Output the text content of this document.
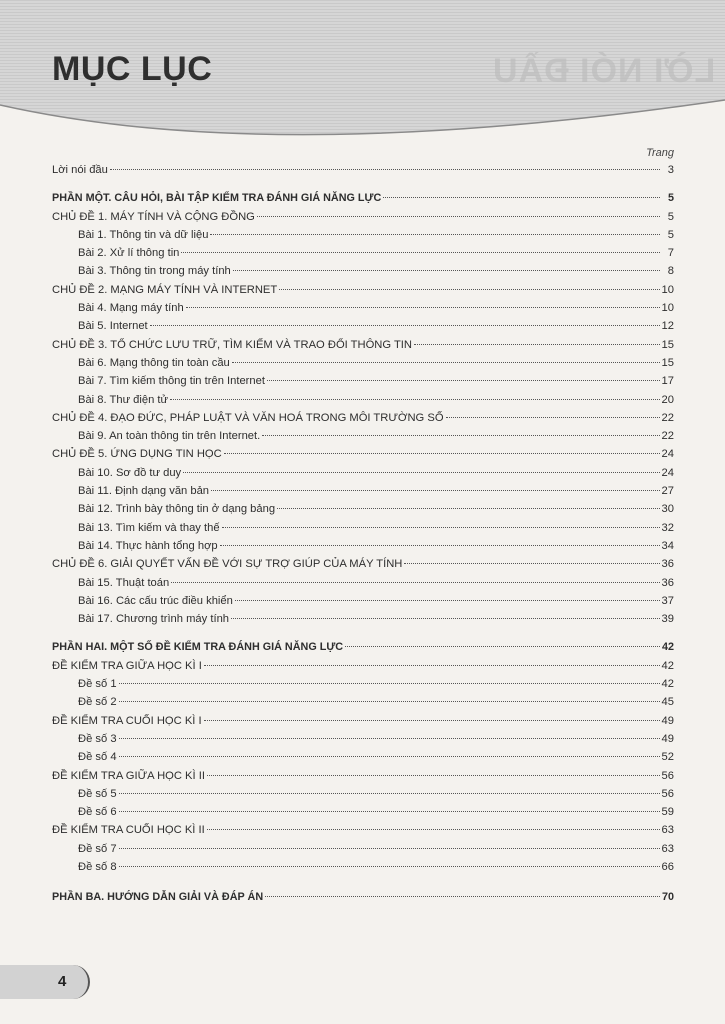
LỜI NÓI ĐẦU
MỤC LỤC
Trang
Lời nói đầu	3
PHẦN MỘT. CÂU HỎI, BÀI TẬP KIỂM TRA ĐÁNH GIÁ NĂNG LỰC	5
CHỦ ĐỀ 1. MÁY TÍNH VÀ CỘNG ĐỒNG	5
Bài 1. Thông tin và dữ liệu	5
Bài 2. Xử lí thông tin	7
Bài 3. Thông tin trong máy tính	8
CHỦ ĐỀ 2. MẠNG MÁY TÍNH VÀ INTERNET	10
Bài 4. Mạng máy tính	10
Bài 5. Internet	12
CHỦ ĐỀ 3. TỔ CHỨC LƯU TRỮ, TÌM KIẾM VÀ TRAO ĐỔI THÔNG TIN	15
Bài 6. Mạng thông tin toàn cầu	15
Bài 7. Tìm kiếm thông tin trên Internet	17
Bài 8. Thư điện tử	20
CHỦ ĐỀ 4. ĐẠO ĐỨC, PHÁP LUẬT VÀ VĂN HOÁ TRONG MÔI TRƯỜNG SỐ	22
Bài 9. An toàn thông tin trên Internet.	22
CHỦ ĐỀ 5. ỨNG DỤNG TIN HỌC	24
Bài 10. Sơ đồ tư duy	24
Bài 11. Định dạng văn bản	27
Bài 12. Trình bày thông tin ở dạng bảng	30
Bài 13. Tìm kiếm và thay thế	32
Bài 14. Thực hành tổng hợp	34
CHỦ ĐỀ 6. GIẢI QUYẾT VẤN ĐỀ VỚI SỰ TRỢ GIÚP CỦA MÁY TÍNH	36
Bài 15. Thuật toán	36
Bài 16. Các cấu trúc điều khiển	37
Bài 17. Chương trình máy tính	39
PHẦN HAI. MỘT SỐ ĐỀ KIỂM TRA ĐÁNH GIÁ NĂNG LỰC	42
ĐỀ KIỂM TRA GIỮA HỌC KÌ I	42
Đề số 1	42
Đề số 2	45
ĐỀ KIỂM TRA CUỐI HỌC KÌ I	49
Đề số 3	49
Đề số 4	52
ĐỀ KIỂM TRA GIỮA HỌC KÌ II	56
Đề số 5	56
Đề số 6	59
ĐỀ KIỂM TRA CUỐI HỌC KÌ II	63
Đề số 7	63
Đề số 8	66
PHẦN BA. HƯỚNG DẪN GIẢI VÀ ĐÁP ÁN	70
4
